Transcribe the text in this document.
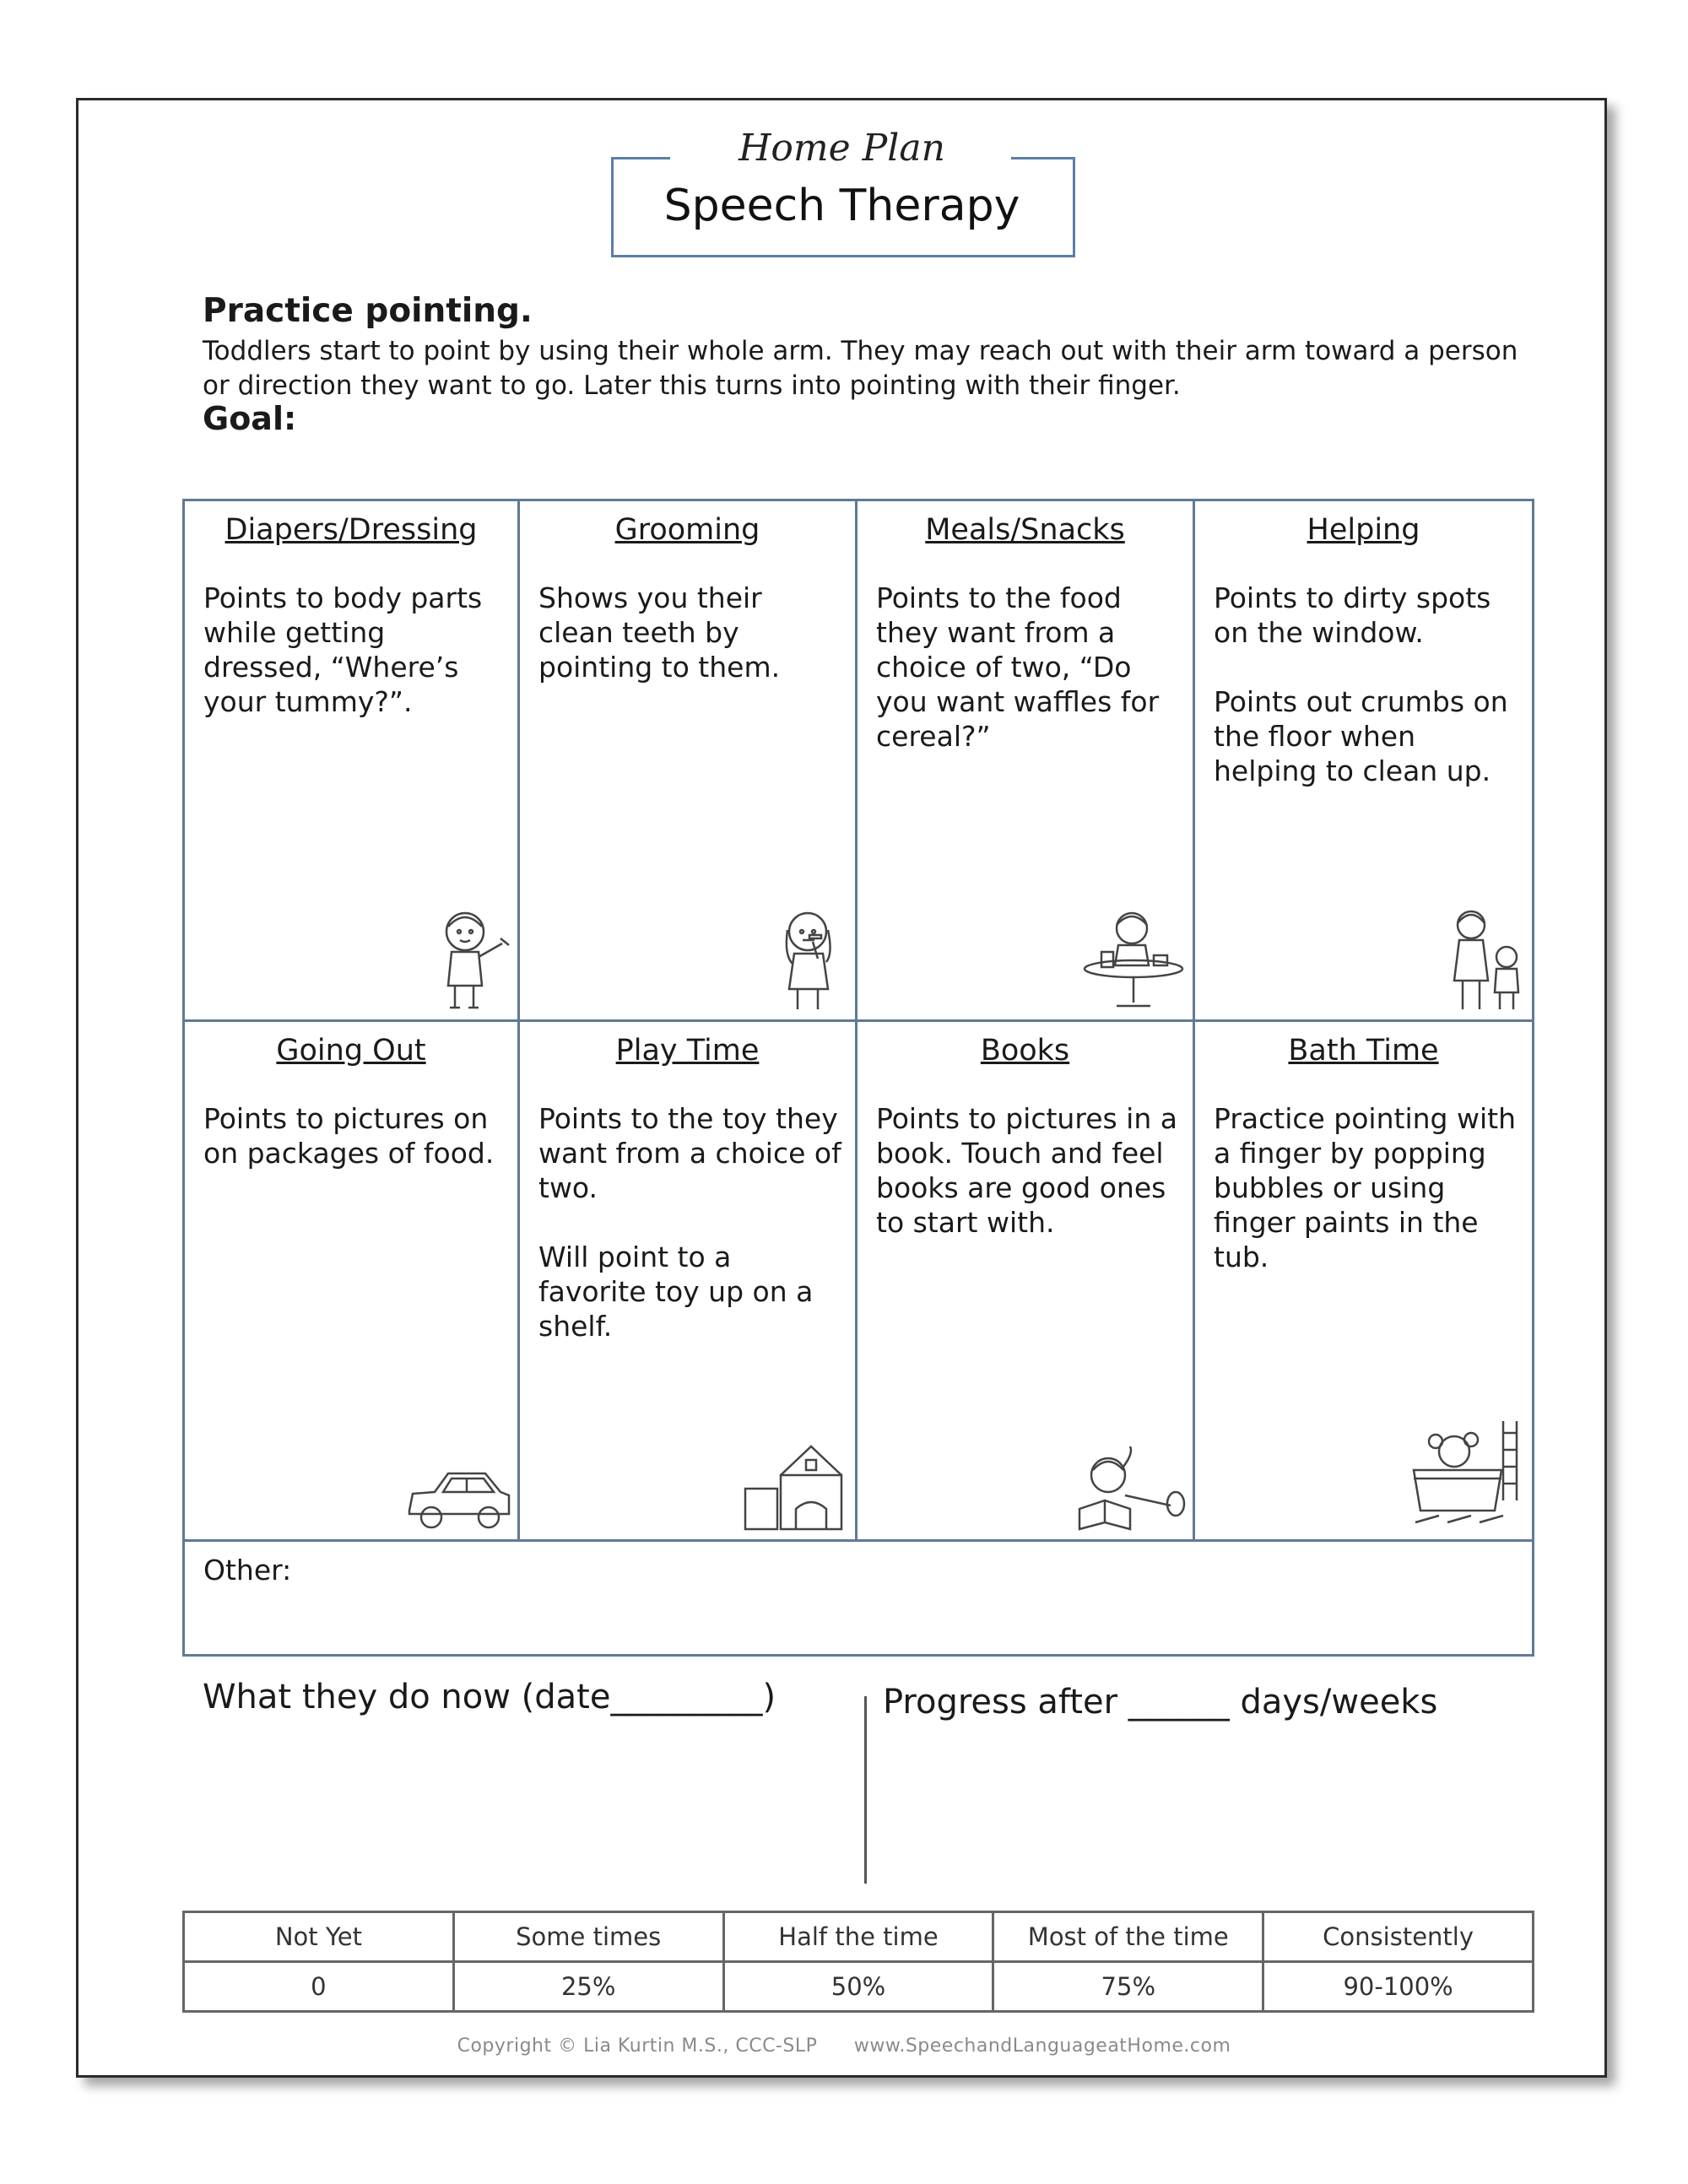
Home Plan
Speech Therapy
Practice pointing.
Toddlers start to point by using their whole arm. They may reach out with their arm toward a person or direction they want to go. Later this turns into pointing with their finger.
Goal:
Diapers/Dressing

Points to body parts while getting dressed, “Where’s your tummy?”.

Grooming

Shows you their clean teeth by pointing to them.

Meals/Snacks

Points to the food they want from a choice of two, “Do you want waffles for cereal?”

Helping

Points to dirty spots on the window.

Points out crumbs on the floor when helping to clean up.

Going Out

Points to pictures on on packages of food.

Play Time

Points to the toy they want from a choice of two.

Will point to a favorite toy up on a shelf.

Books

Points to pictures in a book. Touch and feel books are good ones to start with.

Bath Time

Practice pointing with a finger by popping bubbles or using finger paints in the tub.

Other:
What they do now (date_________)	Progress after ______ days/weeks
Not Yet	Some times	Half the time	Most of the time	Consistently
0	25%	50%	75%	90-100%
Copyright © Lia Kurtin M.S., CCC-SLP www.SpeechandLanguageatHome.com
